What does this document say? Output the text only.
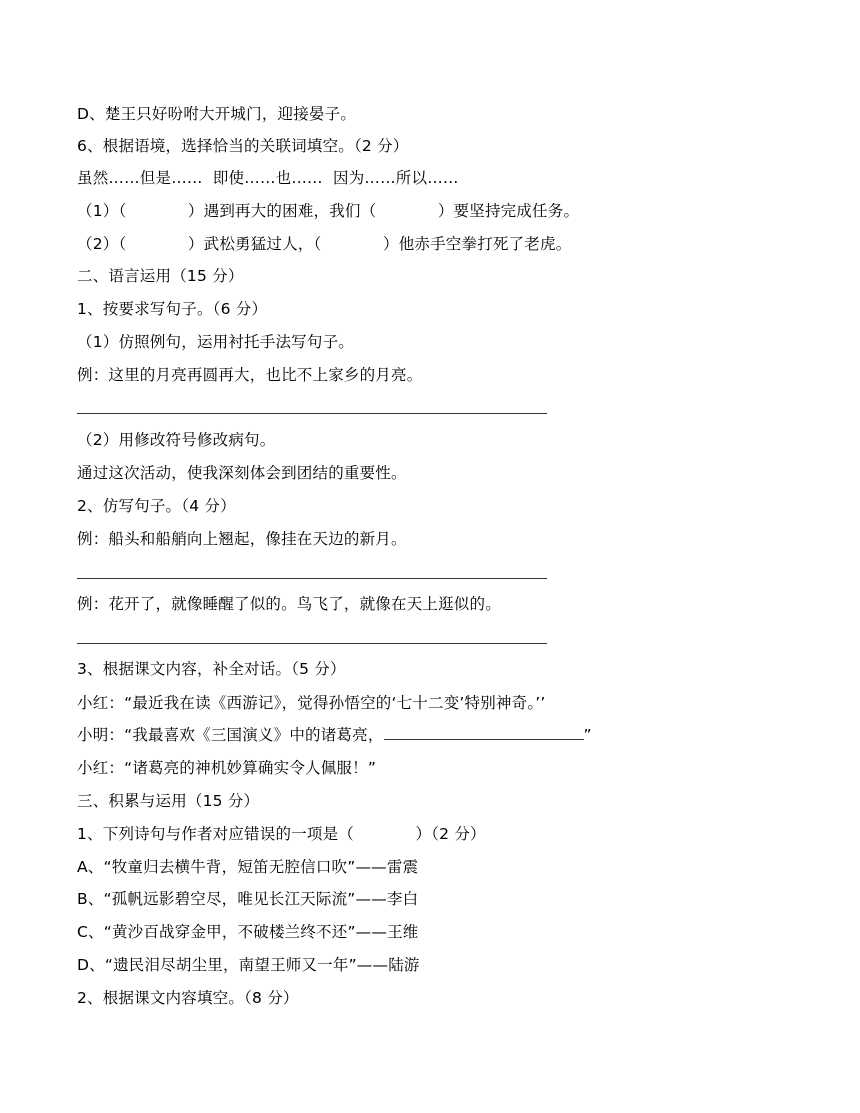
D、楚王只好吩咐大开城门，迎接晏子。
6、根据语境，选择恰当的关联词填空。（2 分）
虽然……但是……  即使……也……  因为……所以……
（1）（            ）遇到再大的困难，我们（            ）要坚持完成任务。
（2）（            ）武松勇猛过人，（            ）他赤手空拳打死了老虎。
二、语言运用（15 分）
1、按要求写句子。（6 分）
（1）仿照例句，运用衬托手法写句子。
例：这里的月亮再圆再大，也比不上家乡的月亮。
（2）用修改符号修改病句。
通过这次活动，使我深刻体会到团结的重要性。
2、仿写句子。（4 分）
例：船头和船艄向上翘起，像挂在天边的新月。
例：花开了，就像睡醒了似的。鸟飞了，就像在天上逛似的。
3、根据课文内容，补全对话。（5 分）
小红：“最近我在读《西游记》，觉得孙悟空的‘七十二变’特别神奇。’’
小明：“我最喜欢《三国演义》中的诸葛亮，	”
小红：“诸葛亮的神机妙算确实令人佩服！”
三、积累与运用（15 分）
1、下列诗句与作者对应错误的一项是（            ）（2 分）
A、“牧童归去横牛背，短笛无腔信口吹”——雷震
B、“孤帆远影碧空尽，唯见长江天际流”——李白
C、“黄沙百战穿金甲，不破楼兰终不还”——王维
D、“遗民泪尽胡尘里，南望王师又一年”——陆游
2、根据课文内容填空。（8 分）
